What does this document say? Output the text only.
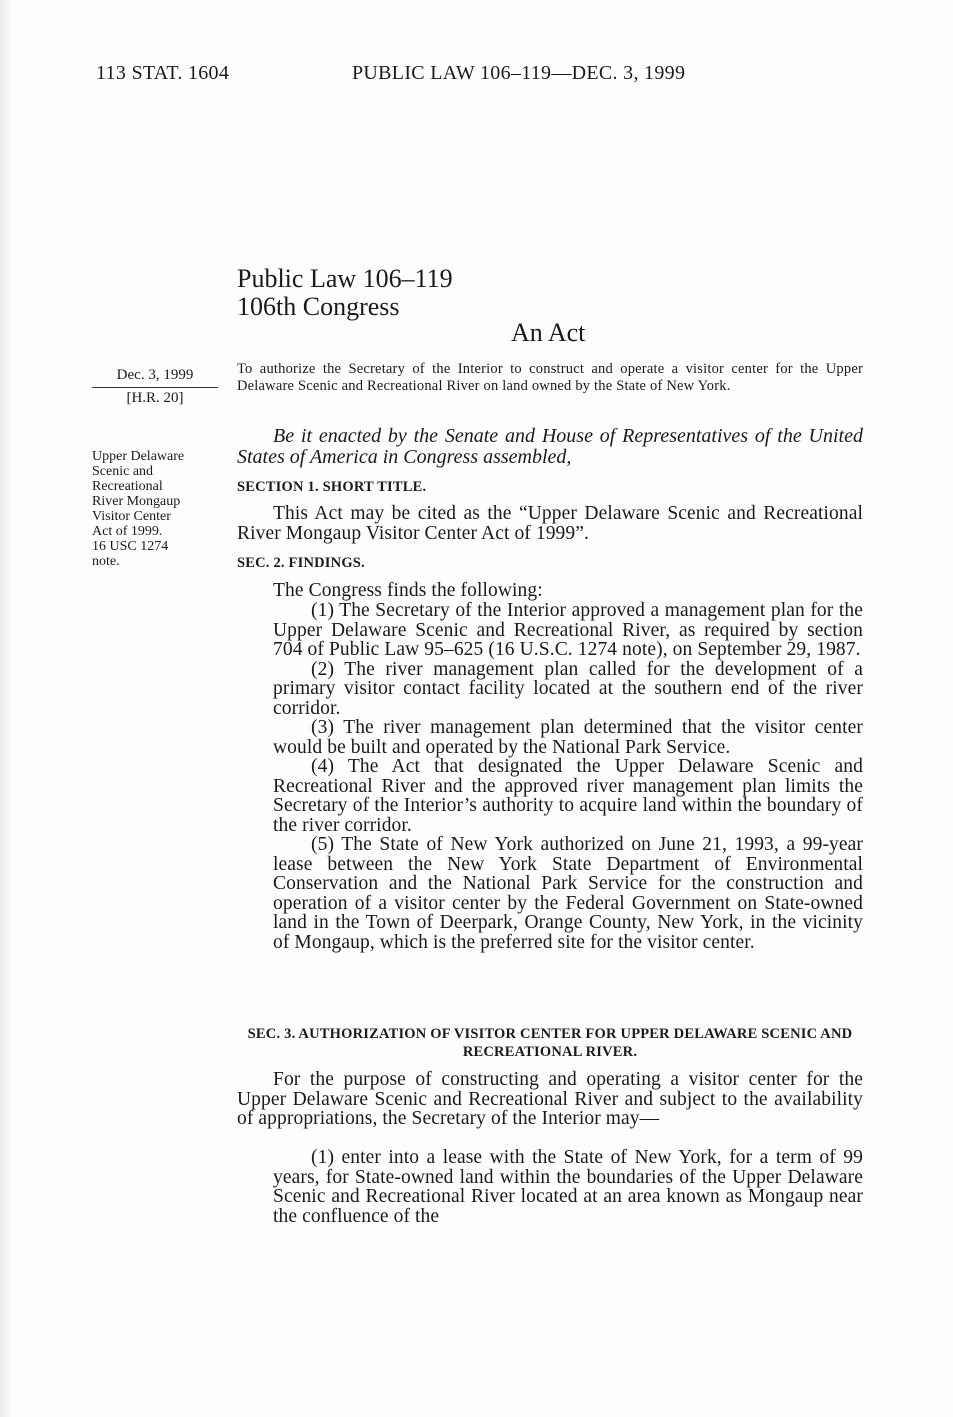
113 STAT. 1604	PUBLIC LAW 106–119—DEC. 3, 1999
Public Law 106–119
106th Congress
An Act
Dec. 3, 1999
[H.R. 20]
Upper Delaware
Scenic and
Recreational
River Mongaup
Visitor Center
Act of 1999.
16 USC 1274
note.
To authorize the Secretary of the Interior to construct and operate a visitor center for the Upper Delaware Scenic and Recreational River on land owned by the State of New York.
Be it enacted by the Senate and House of Representatives of the United States of America in Congress assembled,
SECTION 1. SHORT TITLE.
This Act may be cited as the “Upper Delaware Scenic and Recreational River Mongaup Visitor Center Act of 1999”.
SEC. 2. FINDINGS.
The Congress finds the following:

(1) The Secretary of the Interior approved a management plan for the Upper Delaware Scenic and Recreational River, as required by section 704 of Public Law 95–625 (16 U.S.C. 1274 note), on September 29, 1987.

(2) The river management plan called for the development of a primary visitor contact facility located at the southern end of the river corridor.

(3) The river management plan determined that the visitor center would be built and operated by the National Park Service.

(4) The Act that designated the Upper Delaware Scenic and Recreational River and the approved river management plan limits the Secretary of the Interior’s authority to acquire land within the boundary of the river corridor.

(5) The State of New York authorized on June 21, 1993, a 99-year lease between the New York State Department of Environmental Conservation and the National Park Service for the construction and operation of a visitor center by the Federal Government on State-owned land in the Town of Deerpark, Orange County, New York, in the vicinity of Mongaup, which is the preferred site for the visitor center.

SEC. 3. AUTHORIZATION OF VISITOR CENTER FOR UPPER DELAWARE SCENIC AND RECREATIONAL RIVER.
For the purpose of constructing and operating a visitor center for the Upper Delaware Scenic and Recreational River and subject to the availability of appropriations, the Secretary of the Interior may—
(1) enter into a lease with the State of New York, for a term of 99 years, for State-owned land within the boundaries of the Upper Delaware Scenic and Recreational River located at an area known as Mongaup near the confluence of the
